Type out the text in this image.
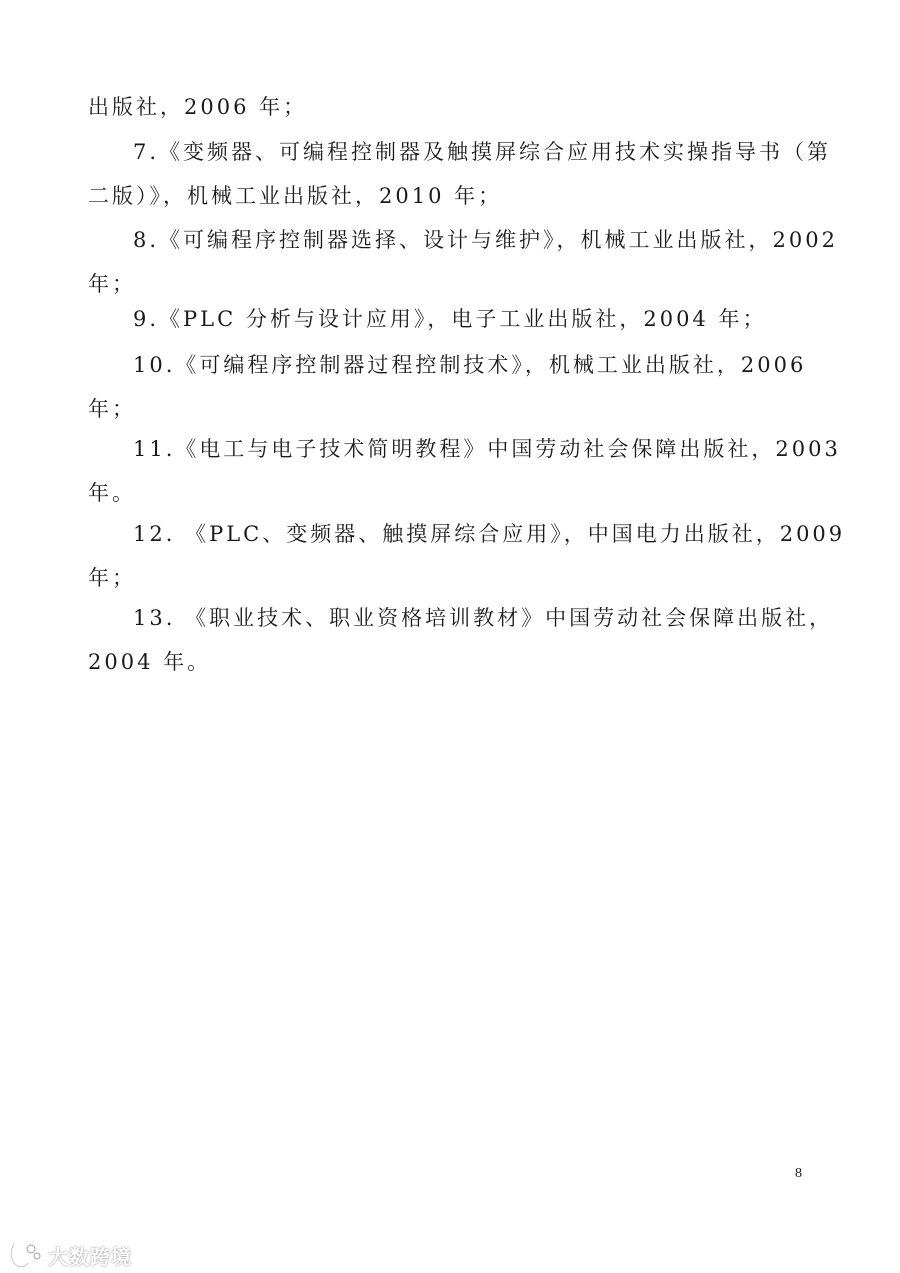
出版社，2006 年；
7.《变频器、可编程控制器及触摸屏综合应用技术实操指导书（第
二版）》，机械工业出版社，2010 年；
8.《可编程序控制器选择、设计与维护》，机械工业出版社，2002
年；
9.《PLC 分析与设计应用》，电子工业出版社，2004 年；
10.《可编程序控制器过程控制技术》，机械工业出版社，2006
年；
11.《电工与电子技术简明教程》中国劳动社会保障出版社，2003
年。
12. 《PLC、变频器、触摸屏综合应用》，中国电力出版社，2009
年；
13. 《职业技术、职业资格培训教材》中国劳动社会保障出版社，
2004 年。
8
大数跨境
